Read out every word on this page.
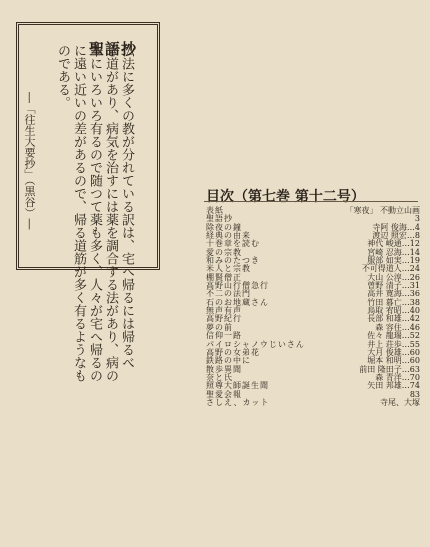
聖語抄
仏法に多くの教が分れている訳は、宅へ帰るには帰るべ
き道があり、病気を治すには薬を調合する法があり、病の
本にいろいろ有るので随つて薬も多く、人々が宅へ帰るの
に遠い近いの差があるので、帰る道筋が多く有るようなも
のである。
―「往生大要抄」（黒谷）―	目次（第七巻 第十二号）
表紙	「寒夜」 不動立山画
聖語抄	3
除夜の鐘	寺阿 俊海…4
経典の由来	渡辺 照宏…8
十巻章を読む	神代 峻通…12
愛の宗教	宮崎 忍海…14
和みのたつき	服部 如実…19
米人と宗教	不可得道人…24
棚賢僧正	大山 公淳…26
高野山行僧急行	曽野 清子…31
不二の法門	高井 寛海…36
石のお地蔵さん	竹田 暮亡…38
無声有声	鳥取 宥昭…40
高野紀行	長部 和雄…42
夢の前	森 容住…46
信仰一路	佐々 龍瑞…52
パイロシャノウじいさん	井上 荘歩…55
高野の女弟花	大月 俊雄…60
鉄路の中に	堀本 和明…60
散歩異聞	前田 隆田子…63
奈と氏	森 青洋…70
照尊大師誕生聞	矢田 邦雄…74
聖愛会報	83
さしえ、カット	寺尾、大塚
